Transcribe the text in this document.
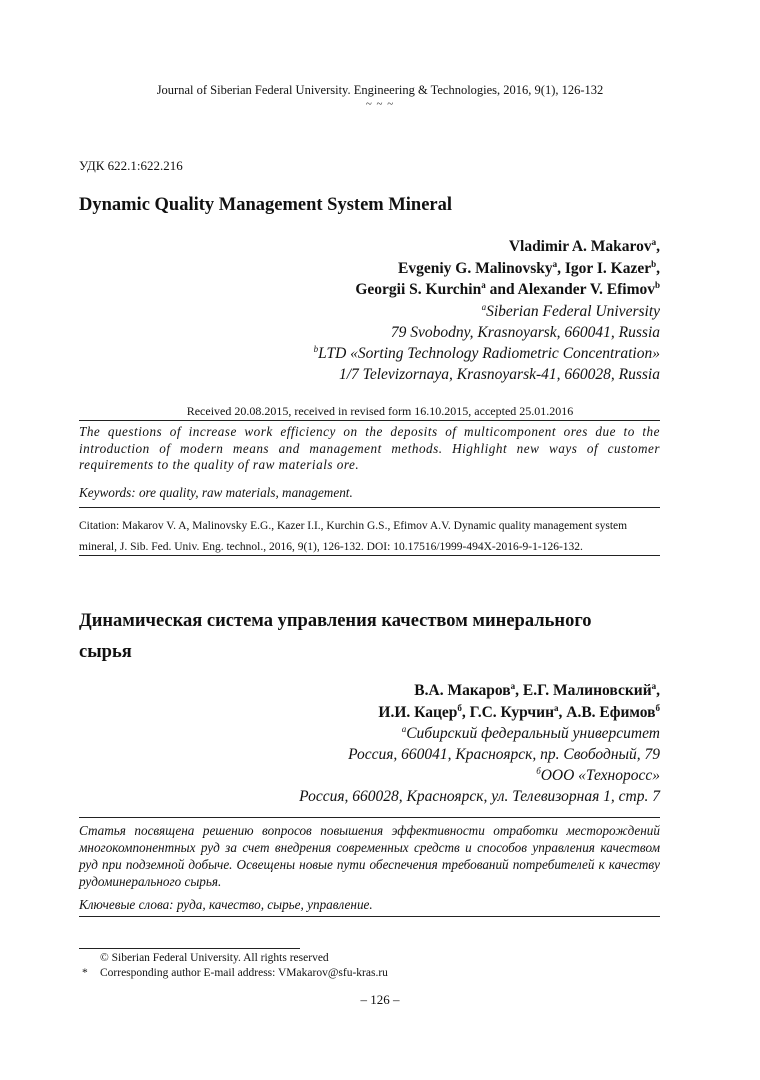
Journal of Siberian Federal University. Engineering & Technologies, 2016, 9(1), 126-132
~ ~ ~
УДК 622.1:622.216
Dynamic Quality Management System Mineral
Vladimir A. Makarov$^a$,
Evgeniy G. Malinovsky$^a$, Igor I. Kazer$^b$,
Georgii S. Kurchin$^a$ and Alexander V. Efimov$^b$
$^a$Siberian Federal University
79 Svobodny, Krasnoyarsk, 660041, Russia
$^b$LTD «Sorting Technology Radiometric Concentration»
1/7 Televizornaya, Krasnoyarsk-41, 660028, Russia
Received 20.08.2015, received in revised form 16.10.2015, accepted 25.01.2016
The questions of increase work efficiency on the deposits of multicomponent ores due to the introduction of modern means and management methods. Highlight new ways of customer requirements to the quality of raw materials ore.
Keywords: ore quality, raw materials, management.
Citation: Makarov V. A, Malinovsky E.G., Kazer I.I., Kurchin G.S., Efimov A.V. Dynamic quality management system mineral, J. Sib. Fed. Univ. Eng. technol., 2016, 9(1), 126-132. DOI: 10.17516/1999-494X-2016-9-1-126-132.
Динамическая система управления качеством минерального сырья
В.А. Макаров$^а$, Е.Г. Малиновский$^а$,
И.И. Кацер$^б$, Г.С. Курчин$^а$, А.В. Ефимов$^б$
$^а$Сибирский федеральный университет
Россия, 660041, Красноярск, пр. Свободный, 79
$^б$ООО «Техноросс»
Россия, 660028, Красноярск, ул. Телевизорная 1, стр. 7
Статья посвящена решению вопросов повышения эффективности отработки месторождений многокомпонентных руд за счет внедрения современных средств и способов управления качеством руд при подземной добыче. Освещены новые пути обеспечения требований потребителей к качеству рудоминерального сырья.
Ключевые слова: руда, качество, сырье, управление.
© Siberian Federal University. All rights reserved
* Corresponding author E-mail address: VMakarov@sfu-kras.ru
– 126 –
